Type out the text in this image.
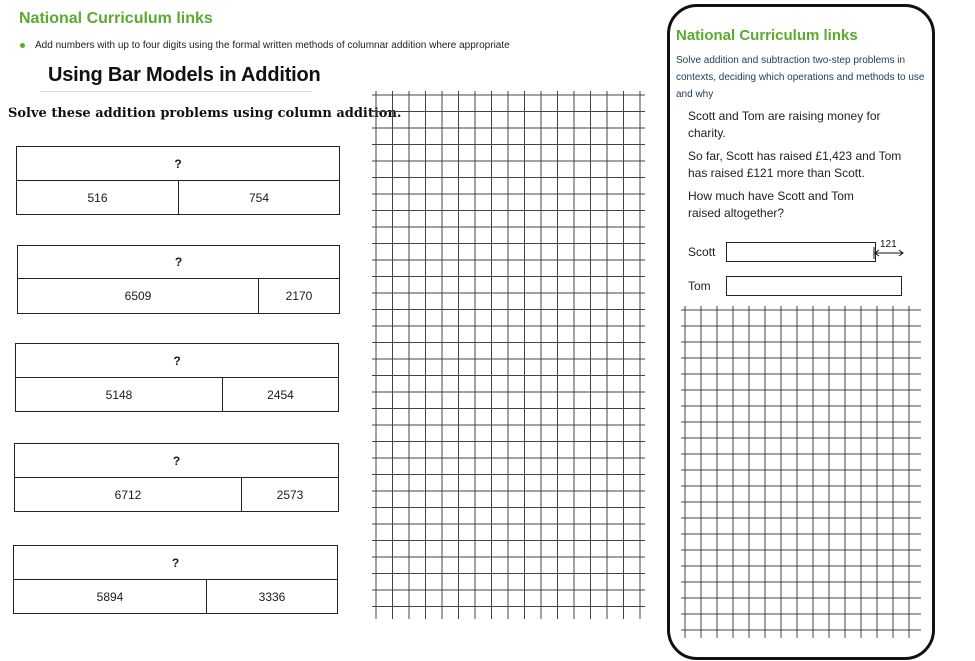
National Curriculum links
Add numbers with up to four digits using the formal written methods of columnar addition where appropriate
Using Bar Models in Addition
Solve these addition problems using column addition.
?
516	754
?
6509	2170
?
5148	2454
?
6712	2573
?
5894	3336
National Curriculum links
Solve addition and subtraction two-step problems in contexts, deciding which operations and methods to use and why
Scott and Tom are raising money for charity.
So far, Scott has raised £1,423 and Tom has raised £121 more than Scott.
How much have Scott and Tom raised altogether?
Scott
121
Tom
